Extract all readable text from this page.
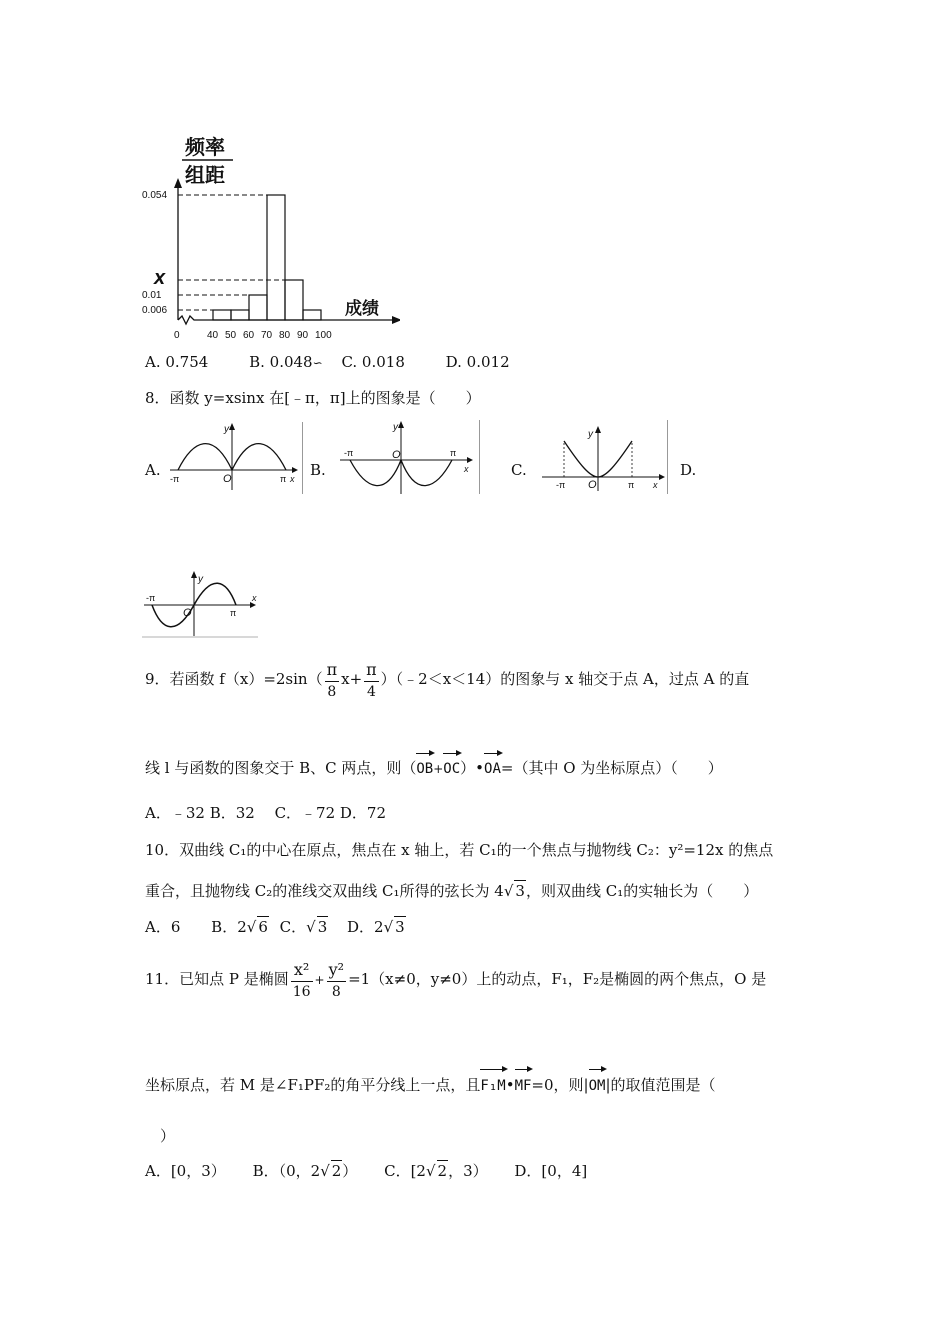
频率
组距
0.054
x
0.01
0.006
0	40 50 60 70 80 90 100
成绩
A. 0.754	B. 0.048∽ C. 0.018	D. 0.012
8．函数 y=xsinx 在[﹣π，π]上的图象是（　　）
A.
y
O
-π	π x B.
y
O
-π	π
x	C.
y
O
-π	π x
D.
y
O
-π
π
x
9．若函数 $f(x)=2\sin( \frac{\pi}{8} x+ \frac{\pi}{4}$ ）（﹣2＜x＜14）的图象与 x 轴交于点 A，过点 A 的直
线 l 与函数的图象交于 B、C 两点，则（OB+OC）•OA=（其中 O 为坐标原点）（　　）
A．﹣32 B．32　 C．﹣72 D．72
10．双曲线 C₁的中心在原点，焦点在 x 轴上，若 C₁的一个焦点与抛物线 C₂：y²=12x 的焦点
重合，且抛物线 C₂的准线交双曲线 C₁所得的弦长为 4√ 3，则双曲线 C₁的实轴长为（　　）
A．6 B．2√ 6 C．√ 3 D．2√ 3
11．已知点 P 是椭圆 $\frac{\text{x²}}{16} + \frac{\text{y²}}{8} =1(x\ne 0$，y≠0）上的动点，F₁，F₂是椭圆的两个焦点，O 是
坐标原点，若 M 是∠F₁PF₂的角平分线上一点，且F₁M•MF=0，则|OM|的取值范围是（
）
A．[0，3） B．（0，2√ 2） C．[2√ 2，3） D．[0，4]
